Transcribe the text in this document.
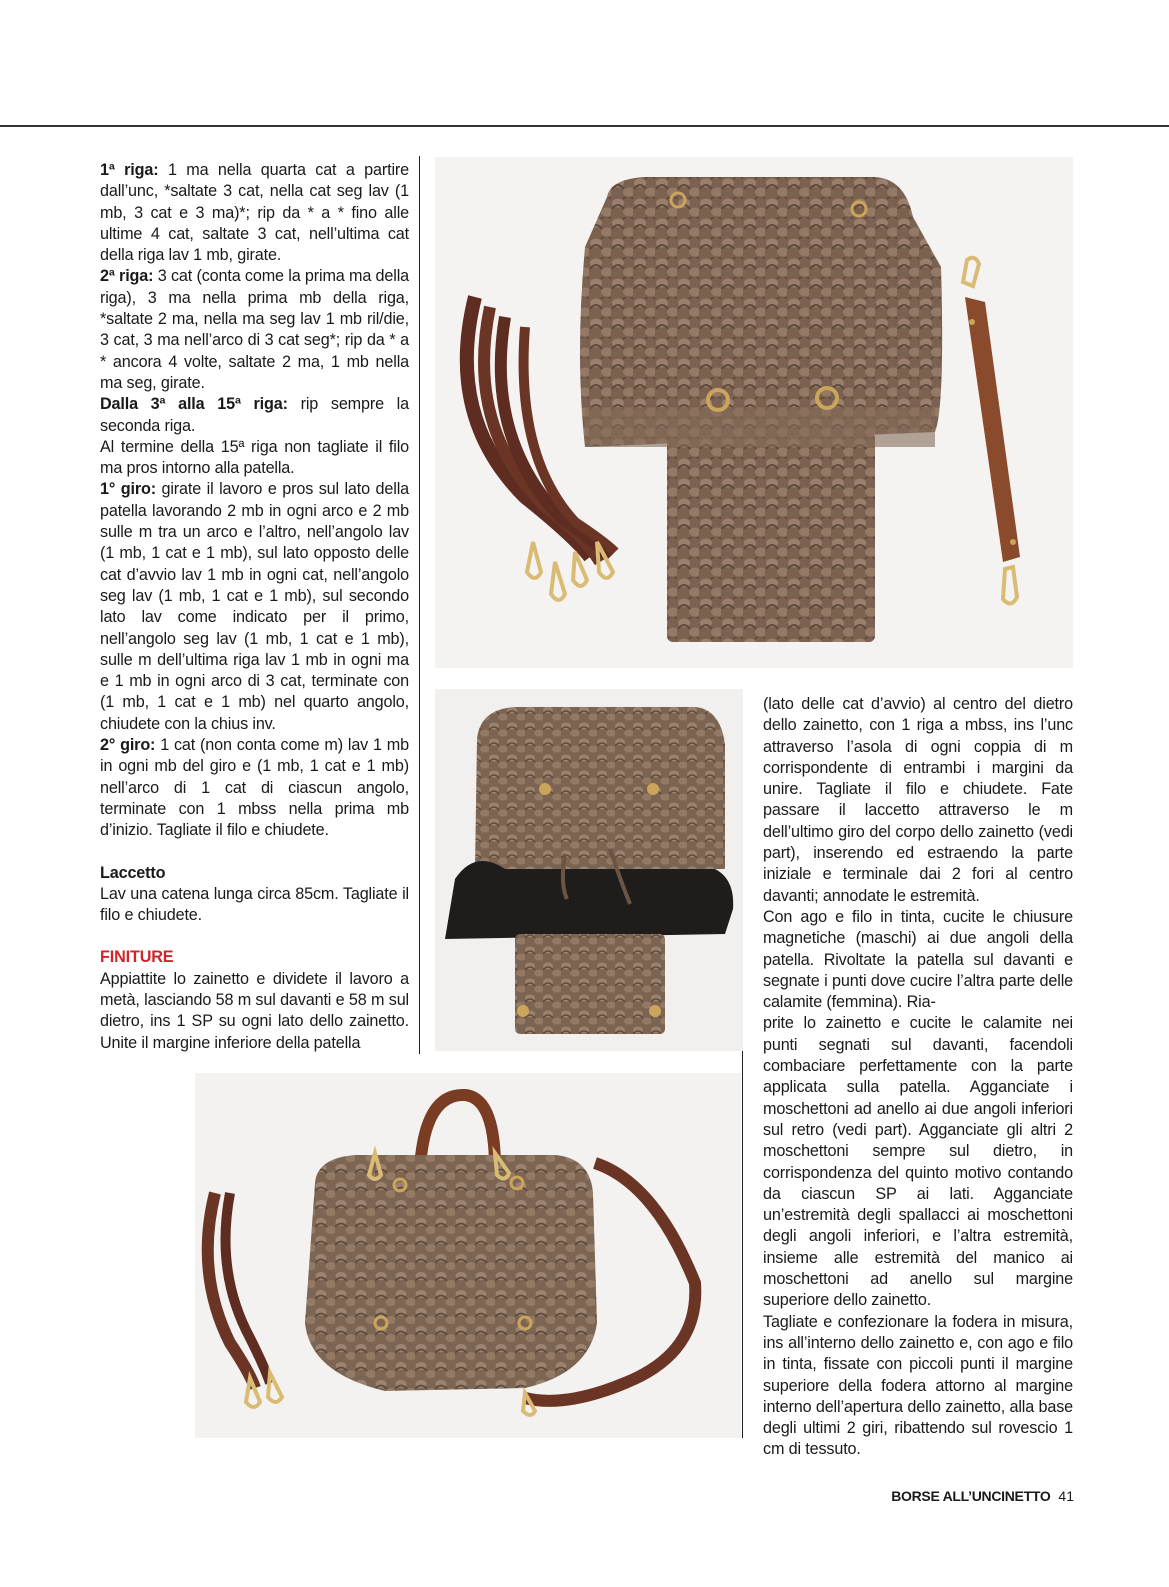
1ª riga: 1 ma nella quarta cat a partire dall’unc, *saltate 3 cat, nella cat seg lav (1 mb, 3 cat e 3 ma)*; rip da * a * fino alle ultime 4 cat, saltate 3 cat, nell’ultima cat della riga lav 1 mb, girate.

2ª riga: 3 cat (conta come la prima ma della riga), 3 ma nella prima mb della riga, *saltate 2 ma, nella ma seg lav 1 mb ril/die, 3 cat, 3 ma nell’arco di 3 cat seg*; rip da * a * ancora 4 volte, saltate 2 ma, 1 mb nella ma seg, girate.

Dalla 3ª alla 15ª riga: rip sempre la seconda riga.

Al termine della 15ª riga non tagliate il filo ma pros intorno alla patella.

1° giro: girate il lavoro e pros sul lato della patella lavorando 2 mb in ogni arco e 2 mb sulle m tra un arco e l’altro, nell’angolo lav (1 mb, 1 cat e 1 mb), sul lato opposto delle cat d’avvio lav 1 mb in ogni cat, nell’angolo seg lav (1 mb, 1 cat e 1 mb), sul secondo lato lav come indicato per il primo, nell’angolo seg lav (1 mb, 1 cat e 1 mb), sulle m dell’ultima riga lav 1 mb in ogni ma e 1 mb in ogni arco di 3 cat, terminate con (1 mb, 1 cat e 1 mb) nel quarto angolo, chiudete con la chius inv.

2° giro: 1 cat (non conta come m) lav 1 mb in ogni mb del giro e (1 mb, 1 cat e 1 mb) nell’arco di 1 cat di ciascun angolo, terminate con 1 mbss nella prima mb d’inizio. Tagliate il filo e chiudete.

Laccetto

Lav una catena lunga circa 85cm. Tagliate il filo e chiudete.

FINITURE

Appiattite lo zainetto e dividete il lavoro a metà, lasciando 58 m sul davanti e 58 m sul dietro, ins 1 SP su ogni lato dello zainetto. Unite il margine inferiore della patella

(lato delle cat d’avvio) al centro del dietro dello zainetto, con 1 riga a mbss, ins l’unc attraverso l’asola di ogni coppia di m corrispondente di entrambi i margini da unire. Tagliate il filo e chiudete. Fate passare il laccetto attraverso le m dell’ultimo giro del corpo dello zainetto (vedi part), inserendo ed estraendo la parte iniziale e terminale dai 2 fori al centro davanti; annodate le estremità.

Con ago e filo in tinta, cucite le chiusure magnetiche (maschi) ai due angoli della patella. Rivoltate la patella sul davanti e segnate i punti dove cucire l’altra parte delle calamite (femmina). Ria-

prite lo zainetto e cucite le calamite nei punti segnati sul davanti, facendoli combaciare perfettamente con la parte applicata sulla patella. Agganciate i moschettoni ad anello ai due angoli inferiori sul retro (vedi part). Agganciate gli altri 2 moschettoni sempre sul dietro, in corrispondenza del quinto motivo contando da ciascun SP ai lati. Agganciate un’estremità degli spallacci ai moschettoni degli angoli inferiori, e l’altra estremità, insieme alle estremità del manico ai moschettoni ad anello sul margine superiore dello zainetto.

Tagliate e confezionare la fodera in misura, ins all’interno dello zainetto e, con ago e filo in tinta, fissate con piccoli punti il margine superiore della fodera attorno al margine interno dell’apertura dello zainetto, alla base degli ultimi 2 giri, ribattendo sul rovescio 1 cm di tessuto.

BORSE ALL’UNCINETTO 41
